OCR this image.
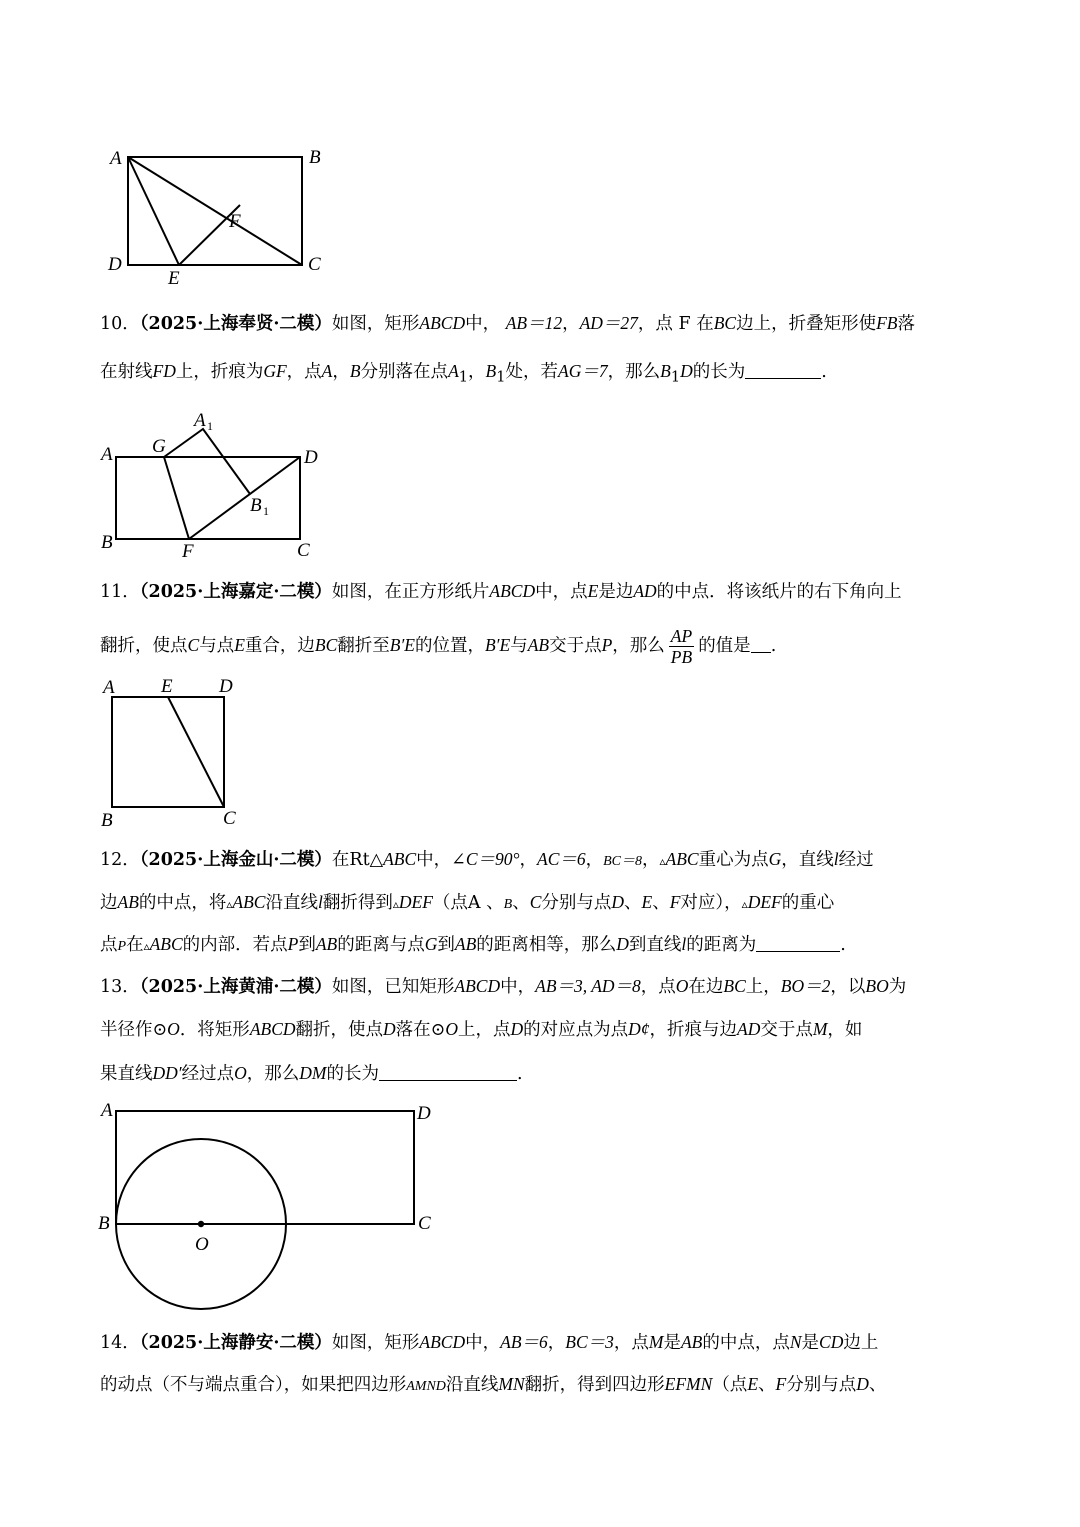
A	B
C
D
E
F
A
A 1
G
D
B 1
B	F	C
A E D
B	C
A	D
B	C
O
10．（2025·上海奉贤·二模）如图，矩形ABCD中， AB＝12，AD＝27，点 F 在BC边上，折叠矩形使FB落
在射线FD上，折痕为GF，点A，B分别落在点$A_1$，$B_1$处，若AG＝7，那么$B_1D$的长为	.
11．（2025·上海嘉定·二模）如图，在正方形纸片ABCD中，点E是边AD的中点．将该纸片的右下角向上
翻折，使点C与点E重合，边BC翻折至B′E的位置，B′E与AB交于点P，那么 $\frac{AP}{PB}$ 的值是 .
12．（2025·上海金山·二模）在Rt△ABC中，∠C＝90°，AC＝6，BC＝8，▵ABC重心为点G，直线l经过
边AB的中点，将▵ABC沿直线l翻折得到▵DEF（点A 、B、C分别与点D、E、F对应），▵DEF的重心
点P在▵ABC的内部．若点P到AB的距离与点G到AB的距离相等，那么D到直线l的距离为	.
13．（2025·上海黄浦·二模）如图，已知矩形ABCD中，AB＝3, AD＝8，点O在边BC上，BO＝2，以BO为
半径作⊙O．将矩形ABCD翻折，使点D落在⊙O上，点D的对应点为点D¢，折痕与边AD交于点M，如
果直线DD′经过点O，那么DM的长为	.
14．（2025·上海静安·二模）如图，矩形ABCD中，AB＝6，BC＝3，点M是AB的中点，点N是CD边上
的动点（不与端点重合），如果把四边形AMND沿直线MN翻折，得到四边形EFMN（点E、F分别与点D、
